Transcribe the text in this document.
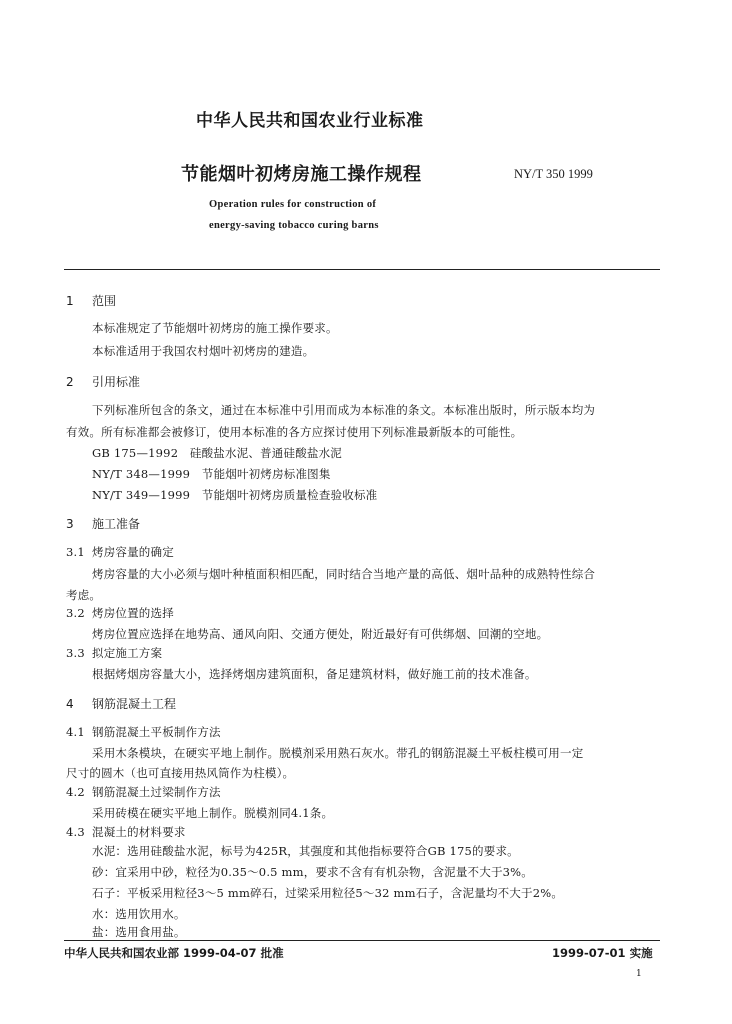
中华人民共和国农业行业标准
节能烟叶初烤房施工操作规程	NY/T 350 1999
Operation rules for construction of
energy-saving tobacco curing barns
1 范围
本标准规定了节能烟叶初烤房的施工操作要求。
本标准适用于我国农村烟叶初烤房的建造。
2 引用标准
下列标准所包含的条文，通过在本标准中引用而成为本标准的条文。本标准出版时，所示版本均为
有效。所有标准都会被修订，使用本标准的各方应探讨使用下列标准最新版本的可能性。
GB 175—1992　硅酸盐水泥、普通硅酸盐水泥
NY/T 348—1999　节能烟叶初烤房标准图集
NY/T 349—1999　节能烟叶初烤房质量检查验收标准
3 施工准备
3.1 烤房容量的确定
烤房容量的大小必须与烟叶种植面积相匹配，同时结合当地产量的高低、烟叶品种的成熟特性综合
考虑。
3.2 烤房位置的选择
烤房位置应选择在地势高、通风向阳、交通方便处，附近最好有可供绑烟、回潮的空地。
3.3 拟定施工方案
根据烤烟房容量大小，选择烤烟房建筑面积，备足建筑材料，做好施工前的技术准备。
4 钢筋混凝土工程
4.1 钢筋混凝土平板制作方法
采用木条模块，在硬实平地上制作。脱模剂采用熟石灰水。带孔的钢筋混凝土平板柱模可用一定
尺寸的圆木（也可直接用热风筒作为柱模）。
4.2 钢筋混凝土过梁制作方法
采用砖模在硬实平地上制作。脱模剂同4.1条。
4.3 混凝土的材料要求
水泥：选用硅酸盐水泥，标号为425R，其强度和其他指标要符合GB 175的要求。
砂：宜采用中砂，粒径为0.35～0.5 mm，要求不含有有机杂物，含泥量不大于3%。
石子：平板采用粒径3～5 mm碎石，过梁采用粒径5～32 mm石子，含泥量均不大于2%。
水：选用饮用水。
盐：选用食用盐。
中华人民共和国农业部 1999-04-07 批准	1999-07-01 实施
1
